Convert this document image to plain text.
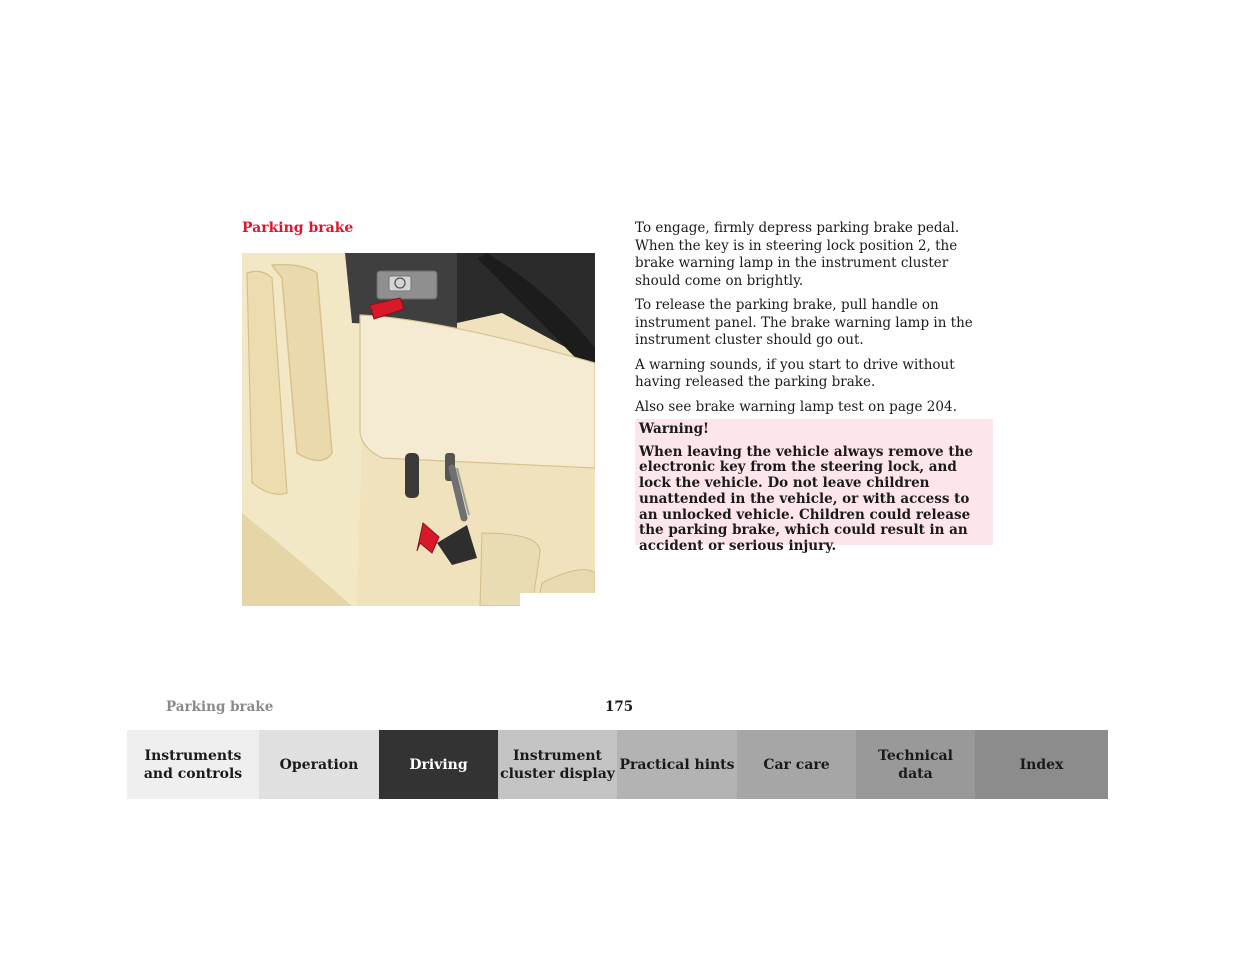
Parking brake	To engage, firmly depress parking brake pedal. When the key is in steering lock position 2, the brake warning lamp in the instrument cluster should come on brightly.

To release the parking brake, pull handle on instrument panel. The brake warning lamp in the instrument cluster should go out.

A warning sounds, if you start to drive without having released the parking brake.

Also see brake warning lamp test on page 204.

Warning!
When leaving the vehicle always remove the electronic key from the steering lock, and lock the vehicle. Do not leave children unattended in the vehicle, or with access to an unlocked vehicle. Children could release the parking brake, which could result in an accident or serious injury.
Parking brake	175
Instruments
and controls
Operation	Driving
Instrument
cluster display
Practical hints Car care
Technical
data
Index
